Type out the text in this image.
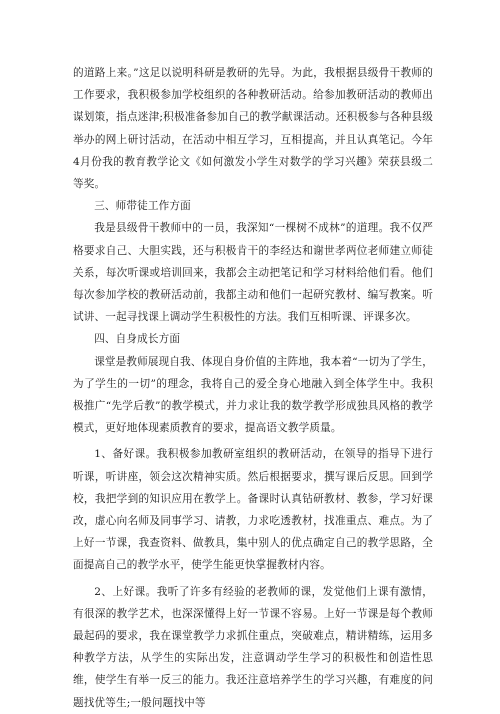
的道路上来。”这足以说明科研是教研的先导。为此，我根据县级骨干教师的工作要求，我积极参加学校组织的各种教研活动。给参加教研活动的教师出谋划策，指点迷津;积极准备参加自己的教学献课活动。还积极参与各种县级举办的网上研讨活动，在活动中相互学习，互相提高，并且认真笔记。今年4月份我的教育教学论文《如何激发小学生对数学的学习兴趣》荣获县级二等奖。

三、师带徒工作方面

我是县级骨干教师中的一员，我深知“一棵树不成林”的道理。我不仅严格要求自己、大胆实践，还与积极肯干的李经达和谢世孝两位老师建立师徒关系，每次听课或培训回来，我都会主动把笔记和学习材料给他们看。他们每次参加学校的教研活动前，我都主动和他们一起研究教材、编写教案。听试讲、一起寻找课上调动学生积极性的方法。我们互相听课、评课多次。

四、自身成长方面

课堂是教师展现自我、体现自身价值的主阵地，我本着“一切为了学生，为了学生的一切”的理念，我将自己的爱全身心地融入到全体学生中。我积极推广“先学后教”的教学模式，并力求让我的数学教学形成独具风格的教学模式，更好地体现素质教育的要求，提高语文教学质量。

1、备好课。我积极参加教研室组织的教研活动，在领导的指导下进行听课，听讲座，领会这次精神实质。然后根据要求，撰写课后反思。回到学校，我把学到的知识应用在教学上。备课时认真钻研教材、教参，学习好课改，虚心向名师及同事学习、请教，力求吃透教材，找准重点、难点。为了上好一节课，我查资料、做教具，集中别人的优点确定自己的教学思路，全面提高自己的教学水平，使学生能更快掌握教材内容。

2、上好课。我听了许多有经验的老教师的课，发觉他们上课有激情，有很深的教学艺术，也深深懂得上好一节课不容易。上好一节课是每个教师最起码的要求，我在课堂教学力求抓住重点，突破难点，精讲精练，运用多种教学方法，从学生的实际出发，注意调动学生学习的积极性和创造性思维，使学生有举一反三的能力。我还注意培养学生的学习兴趣，有难度的问题找优等生;一般问题找中等
